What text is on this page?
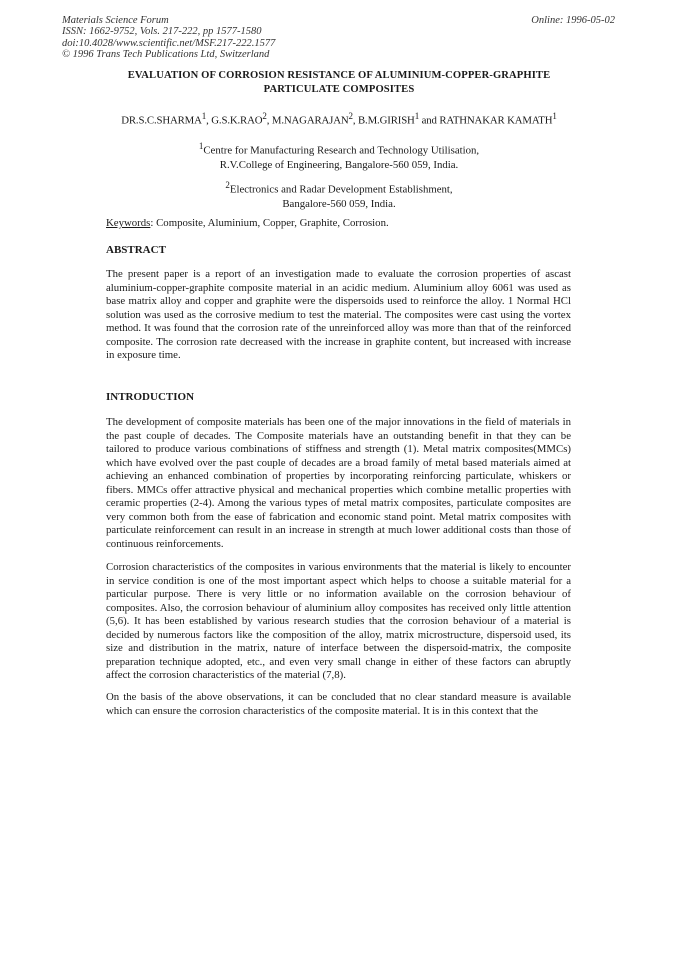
Materials Science Forum
ISSN: 1662-9752, Vols. 217-222, pp 1577-1580
doi:10.4028/www.scientific.net/MSF.217-222.1577
© 1996 Trans Tech Publications Ltd, Switzerland
Online: 1996-05-02
EVALUATION OF CORROSION RESISTANCE OF ALUMINIUM-COPPER-GRAPHITE
PARTICULATE COMPOSITES
DR.S.C.SHARMA$^1$, G.S.K.RAO$^2$, M.NAGARAJAN$^2$, B.M.GIRISH$^1$ and RATHNAKAR KAMATH$^1$
$^1$Centre for Manufacturing Research and Technology Utilisation,
R.V.College of Engineering, Bangalore-560 059, India.
$^2$Electronics and Radar Development Establishment,
Bangalore-560 059, India.
Keywords: Composite, Aluminium, Copper, Graphite, Corrosion.
ABSTRACT

The present paper is a report of an investigation made to evaluate the corrosion properties of ascast aluminium-copper-graphite composite material in an acidic medium. Aluminium alloy 6061 was used as base matrix alloy and copper and graphite were the dispersoids used to reinforce the alloy. 1 Normal HCl solution was used as the corrosive medium to test the material. The composites were cast using the vortex method. It was found that the corrosion rate of the unreinforced alloy was more than that of the reinforced composite. The corrosion rate decreased with the increase in graphite content, but increased with increase in exposure time.

INTRODUCTION

The development of composite materials has been one of the major innovations in the field of materials in the past couple of decades. The Composite materials have an outstanding benefit in that they can be tailored to produce various combinations of stiffness and strength (1). Metal matrix composites(MMCs) which have evolved over the past couple of decades are a broad family of metal based materials aimed at achieving an enhanced combination of properties by incorporating reinforcing particulate, whiskers or fibers. MMCs offer attractive physical and mechanical properties which combine metallic properties with ceramic properties (2-4). Among the various types of metal matrix composites, particulate composites are very common both from the ease of fabrication and economic stand point. Metal matrix composites with particulate reinforcement can result in an increase in strength at much lower additional costs than those of continuous reinforcements.

Corrosion characteristics of the composites in various environments that the material is likely to encounter in service condition is one of the most important aspect which helps to choose a suitable material for a particular purpose. There is very little or no information available on the corrosion behaviour of composites. Also, the corrosion behaviour of aluminium alloy composites has received only little attention (5,6). It has been established by various research studies that the corrosion behaviour of a material is decided by numerous factors like the composition of the alloy, matrix microstructure, dispersoid used, its size and distribution in the matrix, nature of interface between the dispersoid-matrix, the composite preparation technique adopted, etc., and even very small change in either of these factors can abruptly affect the corrosion characteristics of the material (7,8).

On the basis of the above observations, it can be concluded that no clear standard measure is available which can ensure the corrosion characteristics of the composite material. It is in this context that the
